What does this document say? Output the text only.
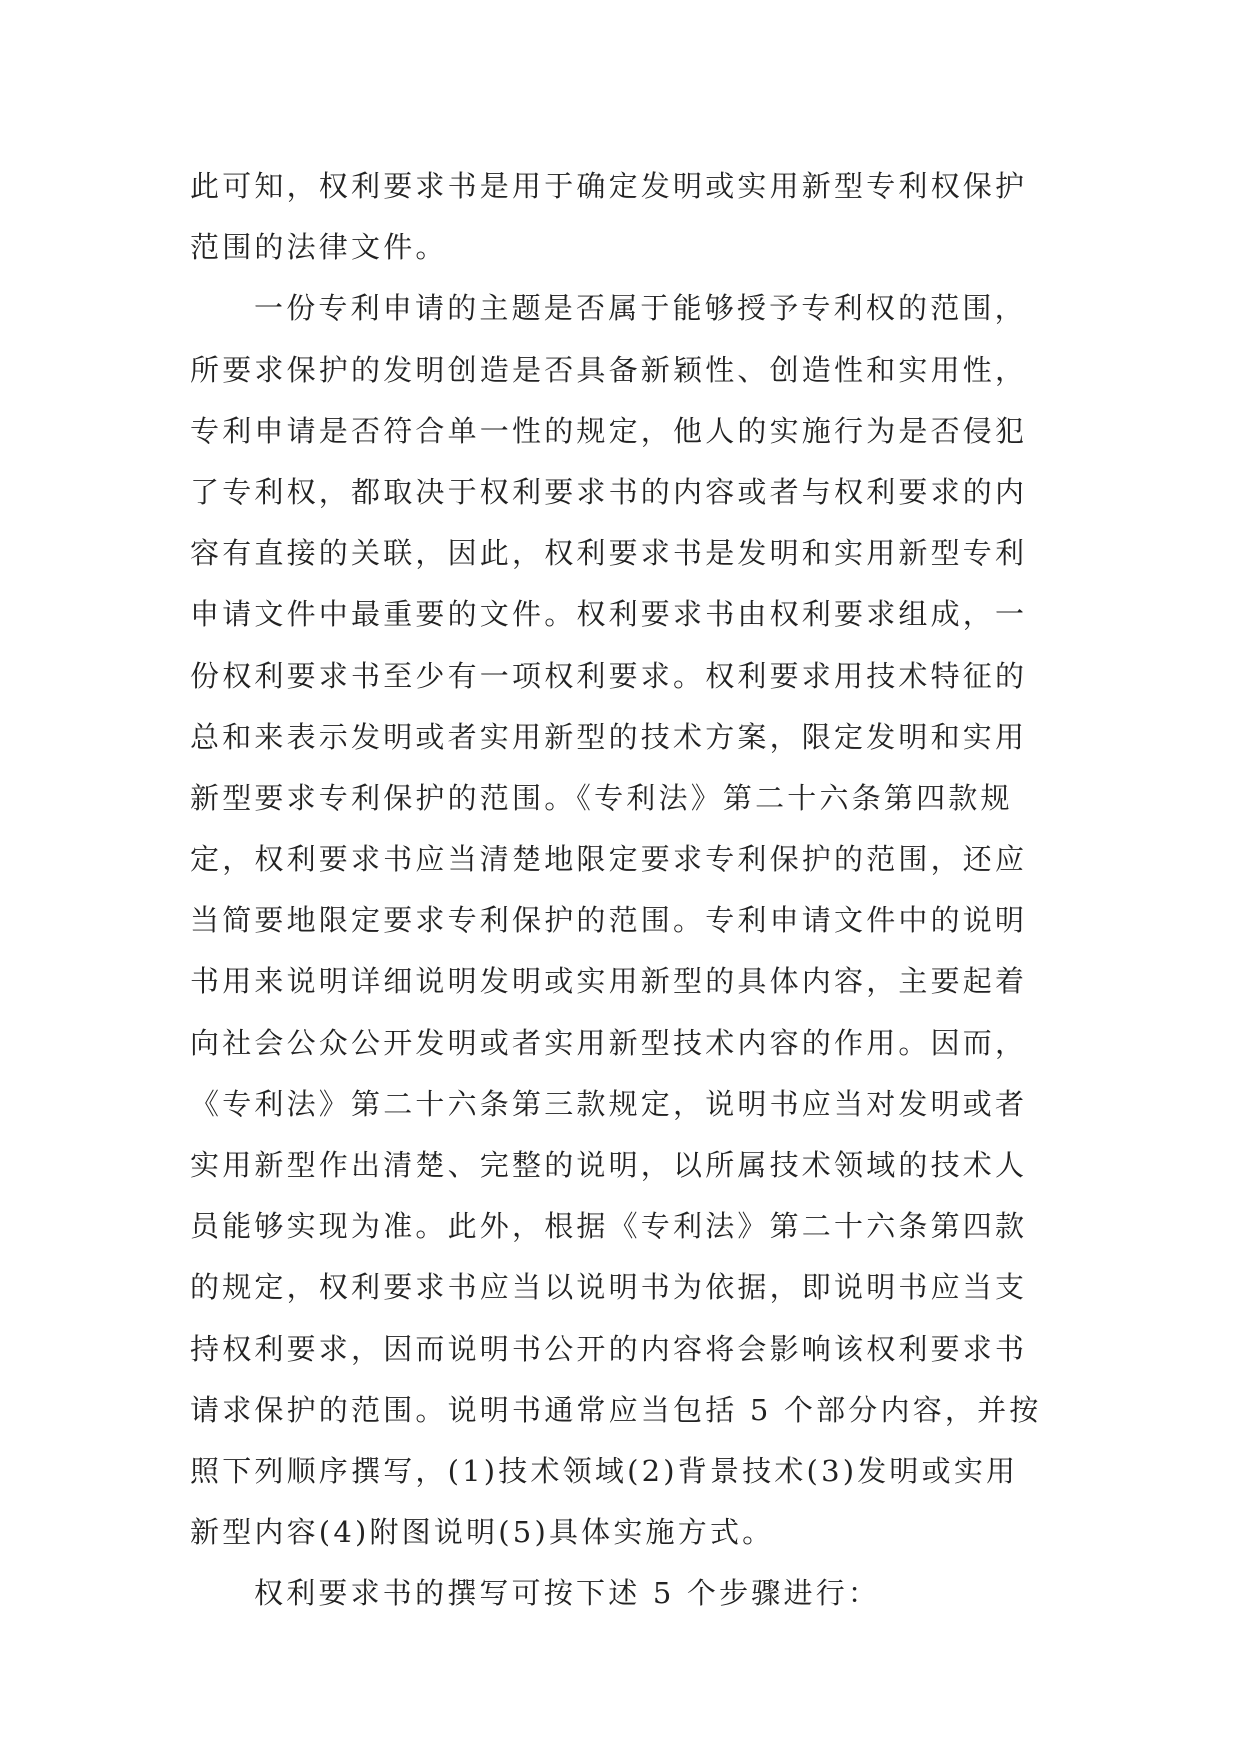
此可知，权利要求书是用于确定发明或实用新型专利权保护
范围的法律文件。
一份专利申请的主题是否属于能够授予专利权的范围，
所要求保护的发明创造是否具备新颖性、创造性和实用性，
专利申请是否符合单一性的规定，他人的实施行为是否侵犯
了专利权，都取决于权利要求书的内容或者与权利要求的内
容有直接的关联，因此，权利要求书是发明和实用新型专利
申请文件中最重要的文件。权利要求书由权利要求组成，一
份权利要求书至少有一项权利要求。权利要求用技术特征的
总和来表示发明或者实用新型的技术方案，限定发明和实用
新型要求专利保护的范围。《专利法》第二十六条第四款规
定，权利要求书应当清楚地限定要求专利保护的范围，还应
当简要地限定要求专利保护的范围。专利申请文件中的说明
书用来说明详细说明发明或实用新型的具体内容，主要起着
向社会公众公开发明或者实用新型技术内容的作用。因而，
《专利法》第二十六条第三款规定，说明书应当对发明或者
实用新型作出清楚、完整的说明，以所属技术领域的技术人
员能够实现为准。此外，根据《专利法》第二十六条第四款
的规定，权利要求书应当以说明书为依据，即说明书应当支
持权利要求，因而说明书公开的内容将会影响该权利要求书
请求保护的范围。说明书通常应当包括 5 个部分内容，并按
照下列顺序撰写，(1)技术领域(2)背景技术(3)发明或实用
新型内容(4)附图说明(5)具体实施方式。
权利要求书的撰写可按下述 5 个步骤进行：
